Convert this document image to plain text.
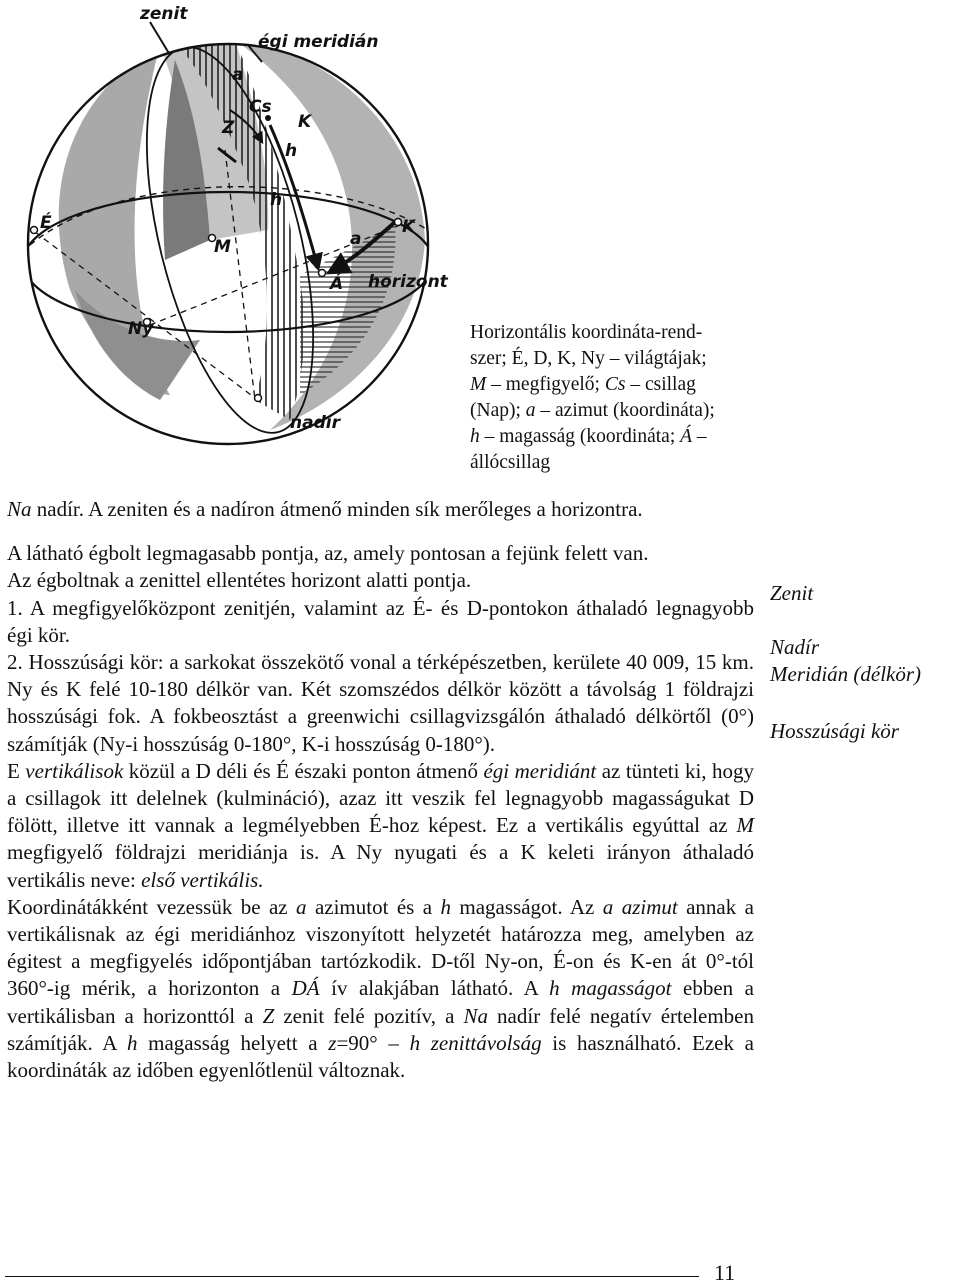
zenit
égi meridián
a
Cs
Z	K
h
h
É
M	a
K
Á horizont
Ny
nadír

Horizontális koordináta-rend-

szer; É, D, K, Ny – világtájak;

M – megfigyelő; Cs – csillag

(Nap); a – azimut (koordináta);

h – magasság (koordináta; Á –

állócsillag

Na nadír. A zeniten és a nadíron átmenő minden sík merőleges a horizontra.

A látható égbolt legmagasabb pontja, az, amely pontosan a fejünk felett van.

Az égboltnak a zenittel ellentétes horizont alatti pontja.

1. A megfigyelőközpont zenitjén, valamint az É- és D-pontokon áthaladó legnagyobb égi kör.

2. Hosszúsági kör: a sarkokat összekötő vonal a térképészetben, kerülete 40 009, 15 km. Ny és K felé 10-180 délkör van. Két szomszédos délkör között a távolság 1 földrajzi hosszúsági fok. A fokbeosztást a greenwichi csillagvizsgálón áthaladó délkörtől (0°) számítják (Ny-i hosszúság 0-180°, K-i hosszúság 0-180°).

E vertikálisok közül a D déli és É északi ponton átmenő égi meridiánt az tünteti ki, hogy a csillagok itt delelnek (kulmináció), azaz itt veszik fel legnagyobb magasságukat D fölött, illetve itt vannak a legmélyebben É-hoz képest. Ez a vertikális egyúttal az M megfigyelő földrajzi meridiánja is. A Ny nyugati és a K keleti irányon áthaladó vertikális neve: első vertikális.

Koordinátákként vezessük be az a azimutot és a h magasságot. Az a azimut annak a vertikálisnak az égi meridiánhoz viszonyított helyzetét határozza meg, amelyben az égitest a megfigyelés időpontjában tartózkodik. D-től Ny-on, É-on és K-en át 0°-tól 360°-ig mérik, a horizonton a DÁ ív alakjában látható. A h magasságot ebben a vertikálisban a horizonttól a Z zenit felé pozitív, a Na nadír felé negatív értelemben számítják. A h magasság helyett a z=90° – h zenittávolság is használható. Ezek a koordináták az időben egyenlőtlenül változnak.

Zenit
Nadír
Meridián (délkör)
Hosszúsági kör
11
